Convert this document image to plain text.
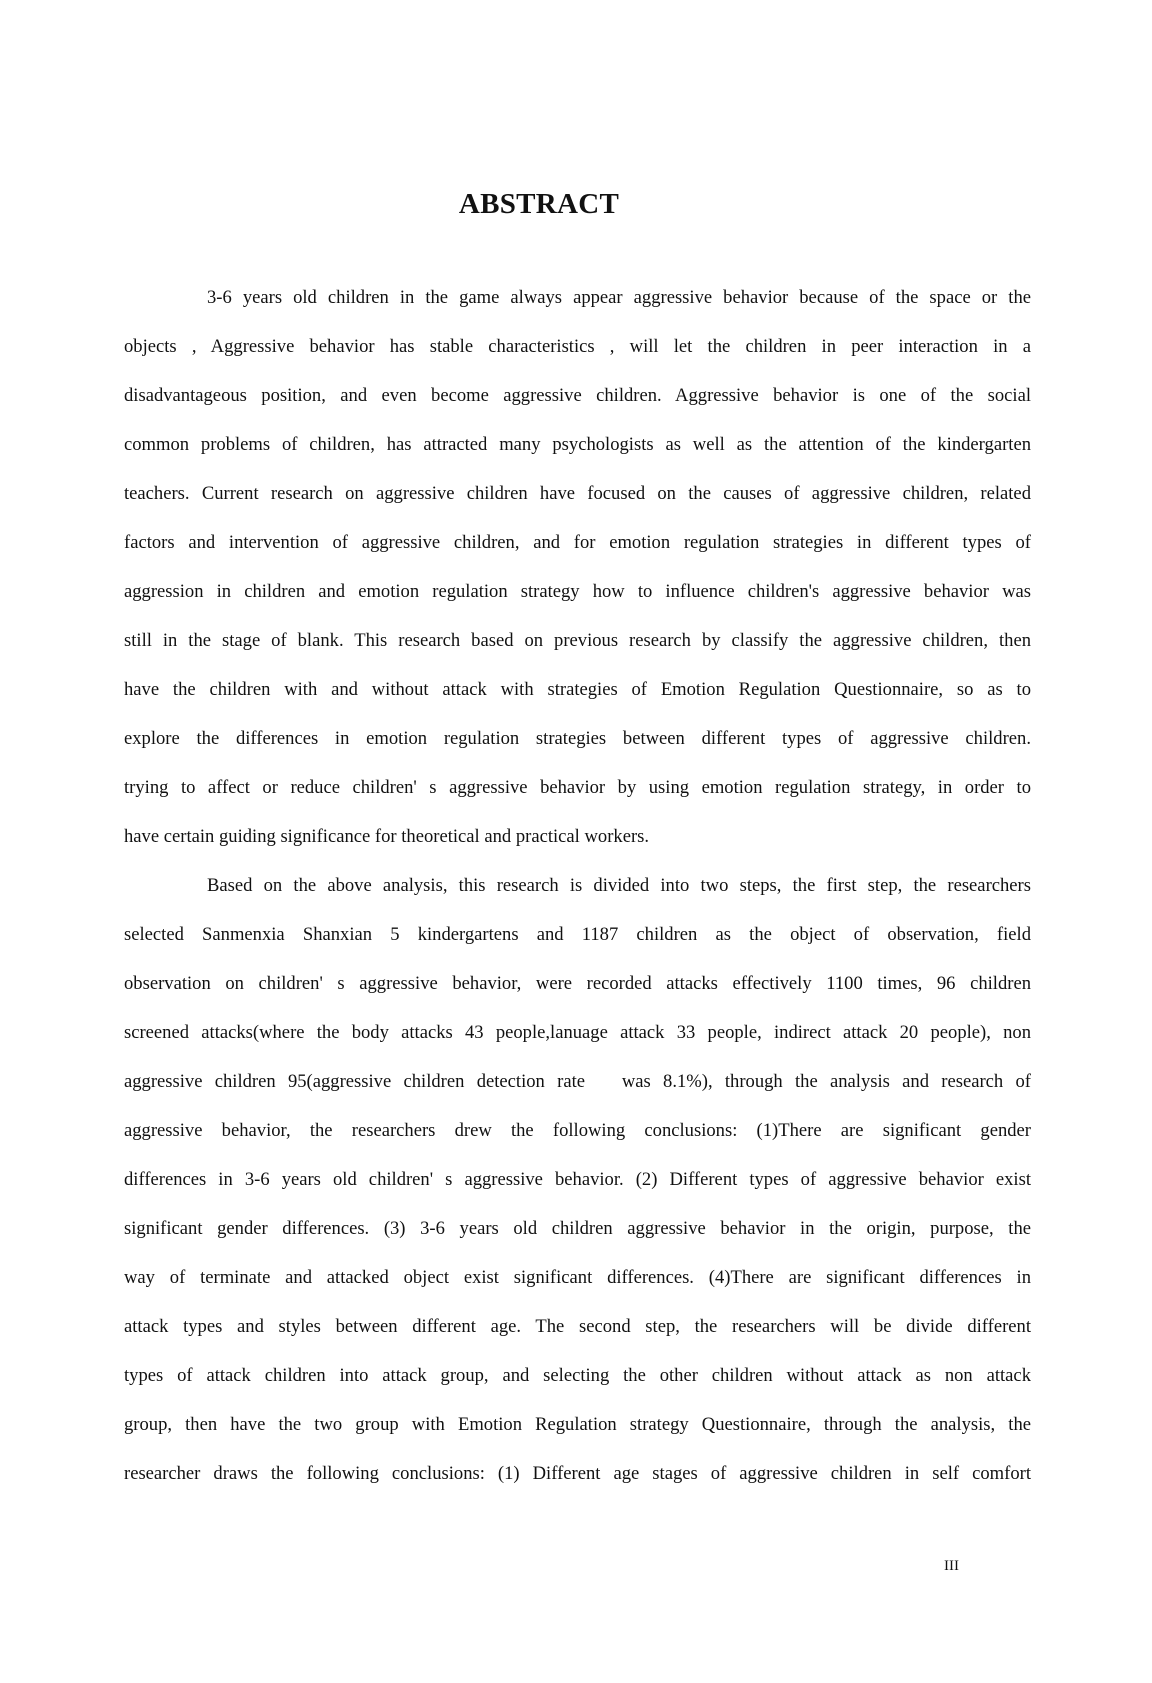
ABSTRACT
3-6 years old children in the game always appear aggressive behavior because of the space or the
objects , Aggressive behavior has stable characteristics , will let the children in peer interaction in a
disadvantageous position, and even become aggressive children. Aggressive behavior is one of the social
common problems of children, has attracted many psychologists as well as the attention of the kindergarten
teachers. Current research on aggressive children have focused on the causes of aggressive children, related
factors and intervention of aggressive children, and for emotion regulation strategies in different types of
aggression in children and emotion regulation strategy how to influence children's aggressive behavior was
still in the stage of blank. This research based on previous research by classify the aggressive children, then
have the children with and without attack with strategies of Emotion Regulation Questionnaire, so as to
explore the differences in emotion regulation strategies between different types of aggressive children.
trying to affect or reduce children' s aggressive behavior by using emotion regulation strategy, in order to
have certain guiding significance for theoretical and practical workers.
Based on the above analysis, this research is divided into two steps, the first step, the researchers
selected Sanmenxia Shanxian 5 kindergartens and 1187 children as the object of observation, field
observation on children' s aggressive behavior, were recorded attacks effectively 1100 times, 96 children
screened attacks(where the body attacks 43 people,lanuage attack 33 people, indirect attack 20 people), non
aggressive children 95(aggressive children detection rate   was 8.1%), through the analysis and research of
aggressive behavior, the researchers drew the following conclusions: (1)There are significant gender
differences in 3-6 years old children' s aggressive behavior. (2) Different types of aggressive behavior exist
significant gender differences. (3) 3-6 years old children aggressive behavior in the origin, purpose, the
way of terminate and attacked object exist significant differences. (4)There are significant differences in
attack types and styles between different age. The second step, the researchers will be divide different
types of attack children into attack group, and selecting the other children without attack as non attack
group, then have the two group with Emotion Regulation strategy Questionnaire, through the analysis, the
researcher draws the following conclusions: (1) Different age stages of aggressive children in self comfort
III
